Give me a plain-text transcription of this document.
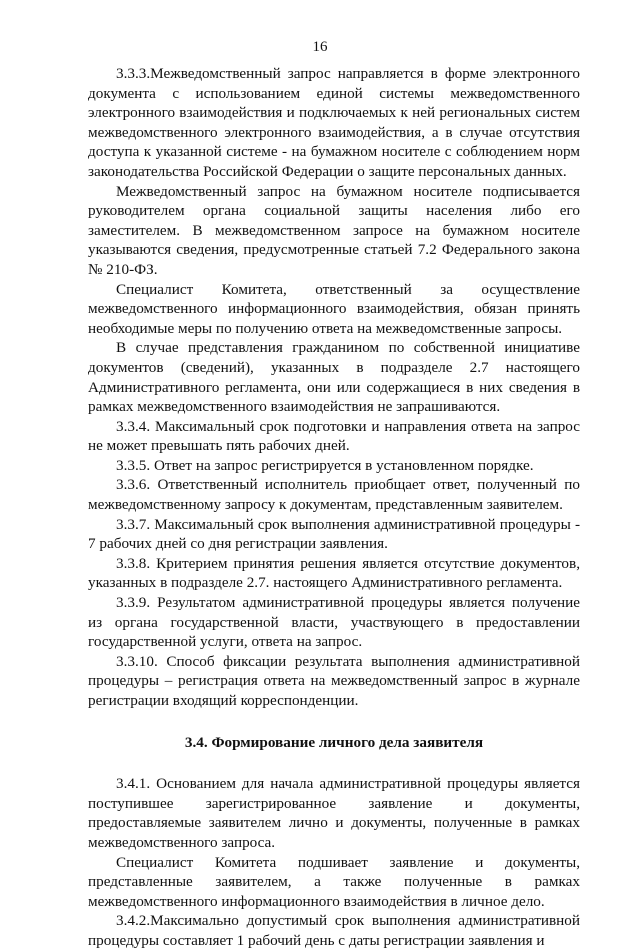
16

3.3.3.Межведомственный запрос направляется в форме электронного документа с использованием единой системы межведомственного электронного взаимодействия и подключаемых к ней региональных систем межведомственного электронного взаимодействия, а в случае отсутствия доступа к указанной системе - на бумажном носителе с соблюдением норм законодательства Российской Федерации о защите персональных данных.

Межведомственный запрос на бумажном носителе подписывается руководителем органа социальной защиты населения либо его заместителем. В межведомственном запросе на бумажном носителе указываются сведения, предусмотренные статьей 7.2 Федерального закона № 210-ФЗ.

Специалист Комитета, ответственный за осуществление межведомственного информационного взаимодействия, обязан принять необходимые меры по получению ответа на межведомственные запросы.

В случае представления гражданином по собственной инициативе документов (сведений), указанных в подразделе 2.7 настоящего Административного регламента, они или содержащиеся в них сведения в рамках межведомственного взаимодействия не запрашиваются.

3.3.4. Максимальный срок подготовки и направления ответа на запрос не может превышать пять рабочих дней.

3.3.5. Ответ на запрос регистрируется в установленном порядке.

3.3.6. Ответственный исполнитель приобщает ответ, полученный по межведомственному запросу к документам, представленным заявителем.

3.3.7. Максимальный срок выполнения административной процедуры - 7 рабочих дней со дня регистрации заявления.

3.3.8. Критерием принятия решения является отсутствие документов, указанных в подразделе 2.7. настоящего Административного регламента.

3.3.9. Результатом административной процедуры является получение из органа государственной власти, участвующего в предоставлении государственной услуги, ответа на запрос.

3.3.10. Способ фиксации результата выполнения административной процедуры – регистрация ответа на межведомственный запрос в журнале регистрации входящий корреспонденции.

3.4. Формирование личного дела заявителя

3.4.1. Основанием для начала административной процедуры является поступившее зарегистрированное заявление и документы, предоставляемые заявителем лично и документы, полученные в рамках межведомственного запроса.

Специалист Комитета подшивает заявление и документы, представленные заявителем, а также полученные в рамках межведомственного информационного взаимодействия в личное дело.

3.4.2.Максимально допустимый срок выполнения административной процедуры составляет 1 рабочий день с даты регистрации заявления и
